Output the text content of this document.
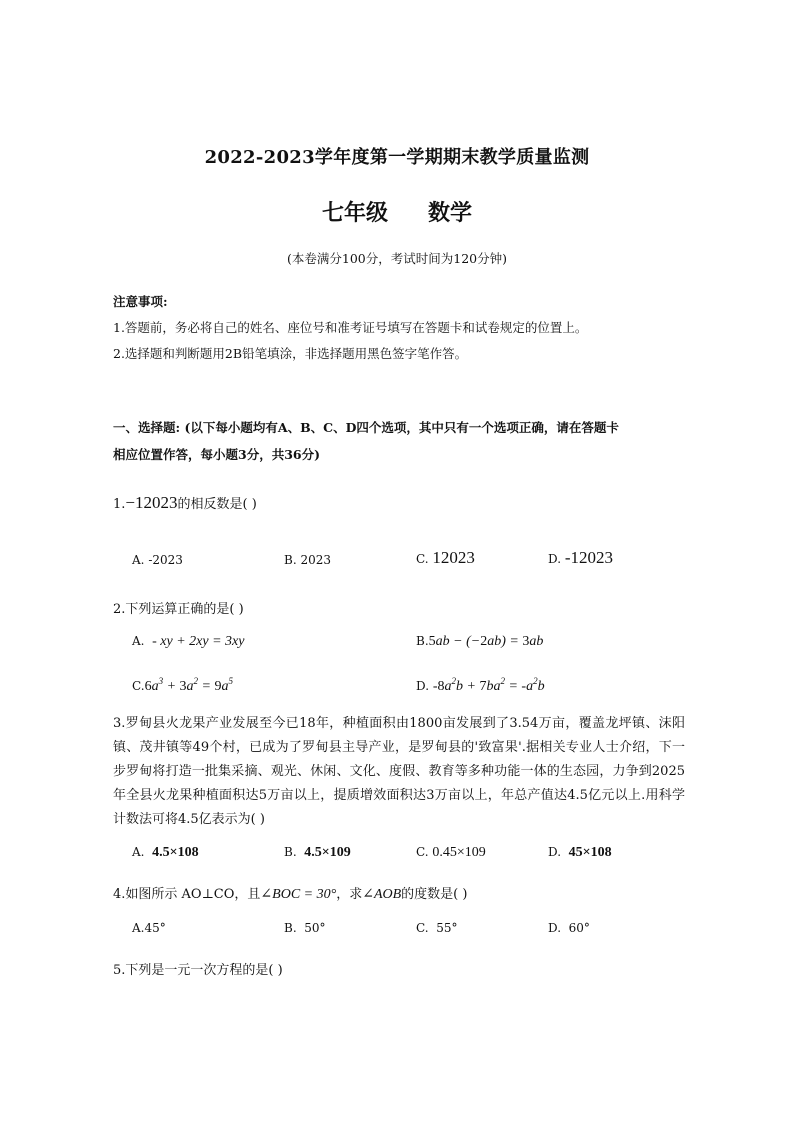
2022-2023学年度第一学期期末教学质量监测
七年级 数学
(本卷满分100分，考试时间为120分钟)
注意事项:
1.答题前，务必将自己的姓名、座位号和准考证号填写在答题卡和试卷规定的位置上。
2.选择题和判断题用2B铅笔填涂，非选择题用黑色签字笔作答。
一、选择题: (以下每小题均有A、B、C、D四个选项，其中只有一个选项正确，请在答题卡
相应位置作答，每小题3分，共36分)
1.−12023的相反数是( )
A. -2023	B. 2023	C. 12023	D. -12023
2.下列运算正确的是( )
A. - xy + 2xy = 3xy	B.5ab − (−2ab) = 3ab
$C.6a^3 + 3a^2 = 9a^5$	D. $-8a^2b + 7ba^2 = -a^2b$
3.罗甸县火龙果产业发展至今已18年，种植面积由1800亩发展到了3.54万亩，覆盖龙坪镇、沫阳镇、茂井镇等49个村，已成为了罗甸县主导产业，是罗甸县的'致富果'.据相关专业人士介绍，下一步罗甸将打造一批集采摘、观光、休闲、文化、度假、教育等多种功能一体的生态园，力争到2025年全县火龙果种植面积达5万亩以上，提质增效面积达3万亩以上，年总产值达4.5亿元以上.用科学计数法可将4.5亿表示为( )
A. 4.5×108	B. 4.5×109	C. 0.45×109	D. 45×108
4.如图所示 AO⊥CO，且∠BOC = 30°，求∠AOB的度数是( )
A.45°	B. 50°	C. 55°	D. 60°
5.下列是一元一次方程的是( )
